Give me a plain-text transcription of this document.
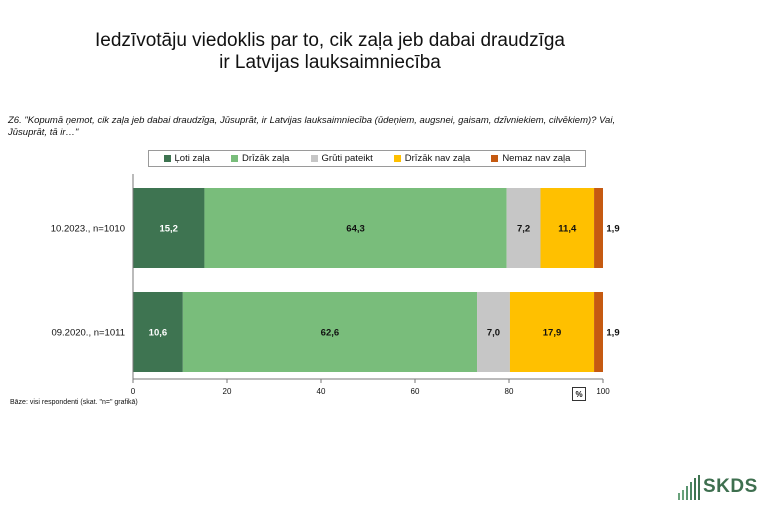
Iedzīvotāju viedoklis par to, cik zaļa jeb dabai draudzīga
ir Latvijas lauksaimniecība
Z6. "Kopumā ņemot, cik zaļa jeb dabai draudzīga, Jūsuprāt, ir Latvijas lauksaimniecība (ūdeņiem, augsnei, gaisam, dzīvniekiem, cilvēkiem)? Vai, Jūsuprāt, tā ir…"
Ļoti zaļa	Drīzāk zaļa	Grūti pateikt	Drīzāk nav zaļa	Nemaz nav zaļa
15,2	64,3	7,2	11,4	1,9
10.2023., n=1010
10,6	62,6	7,0	17,9	1,9
09.2020., n=1011
0	20	40	60	80	100
%
Bāze: visi respondenti (skat. "n=" grafikā)
SKDS
